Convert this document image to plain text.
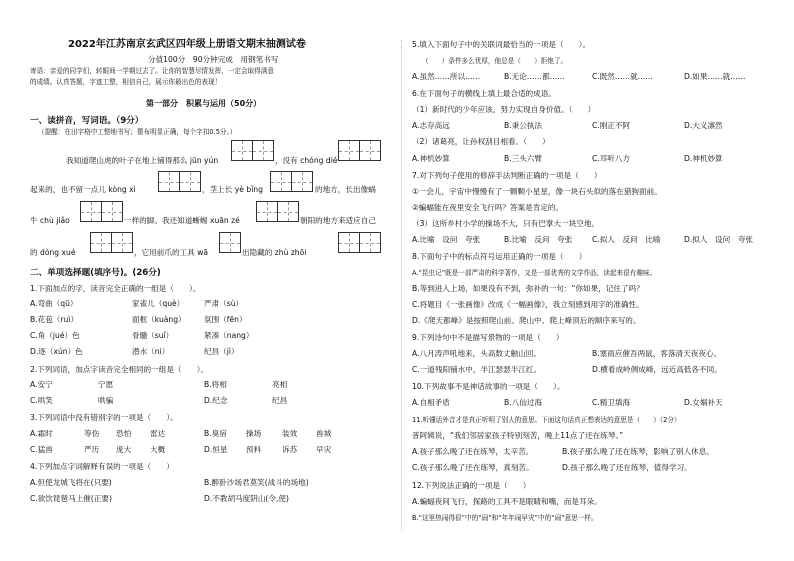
2022年江苏南京玄武区四年级上册语文期末抽测试卷
分值100分　90分钟完成　用钢笔书写
寄语：亲爱的同学们，转眼间一学期过去了。让你的智慧尽情发挥，一定会取得满意
的成绩。认真答题，字迹工整，相信自己，展示你最出色的表现！
第一部分　积累与运用（50分）
一、读拼音，写词语。（9分）
（提醒：在田字格中工整地书写；摆布明显正确，每个字扣0.5分。）
我知道爬山虎的叶子在地上铺得那么 jūn yún	，没有 chóng dié
起来的，也不留一点儿 kòng xì	，茎上长 yè bǐng	的地方，长出像蜗
牛 chù jiǎo	一样的脚。我还知道蜥蜴 xuān zé	朝阳的地方来适应自己
的 dòng xué	，它用前爪的工具 wā	出隐藏的 zhù zhōi
二、单项选择题(填序号)。(26分)
1.下面加点的字，读音完全正确的一组是（　　）。
A.弯曲（qū）	家雀儿（què）	严肃（sù）
B.花苞（ruì）	面框（kuàng） 氛围（fēn）
C.角（jué）色	骨髓（suǐ）	紧凑（nang）
D.逐（xún）色	潜水（ni）	纪昌（jì）
2.下列词语，加点字读音完全相同的一组是（　　）。
A.安宁	宁愿	B.将相	亮相
C.哄笑	哄骗	D.纪念	纪昌
3.下列词语中没有错别字的一项是（　　）。
A.霜时	等伤 恐怕 雷达	B.臭宿	操场	装效 兽城
C.猛兽	严历 庞大 大概	D.恒星 预料	诉苏 早灾
4.下列加点字词解释有误的一项是（　　）
A.但使龙城飞将在(只要)	B.醉卧沙场君莫笑(战斗的场地)
C.欲饮琵琶马上催(正要)	D.不教胡马度阴山(令,使)
5.填入下面句子中的关联词最恰当的一项是（　　）。
（　　）条件多么优厚，他总是（　　）拒绝了。
A.虽然……所以……	B.无论……都……	C.既然……就……	D.如果……就……
6.在下面句子的横线上填上最合适的成语。
（1）新时代的少年应该，努力实现自身价值。（　　）
A.志存高远	B.秉公执法	C.刚正不阿	D.大义凛然
（2）诸葛亮，让孙权刮目相看。（　　）
A.神机妙算	B.三头六臂	C.耳听八方	D.神机妙算
7.对下列句子使用的修辞手法判断正确的一项是（　　）
①一会儿，宇宙中慢慢有了一颗颗小星星，像一块石头似的落在猎狗面前。
②蝙蝠能在夜里安全飞行吗？答案是肯定的。
（3）这所乡村小学的操场不大，只有巴掌大一块空地。
A.比喻　设问　夸张	B.比喻　反问　夸张	C.拟人　反问　比喻	D.拟人　设问　夸张
8.下面句子中的标点符号运用正确的一项是（　　）
A.“昆虫记”既是一部严肃的科学著作，又是一部优秀的文学作品，读起来很有趣味。
B.等到进入上场，如果没有不到，弥补的一句：“你如果，记住了吗？
C.将题目《一张画像》改成《一幅画像》，我立刻感到用字的准确性。
D.《爬天都峰》是按照爬山前、爬山中、爬上峰顶后的顺序来写的。
9.下列诗句中不是描写景物的一项是（　　）
A.八月涛声吼地来，头高数丈触山回。	B.塞雨应催吾两鼠，客落清天夜夜心。
C.一道残阳铺水中，半江瑟瑟半江红。	D.横看成岭侧成峰，远近高低各不同。
10.下列故事不是神话故事的一项是（　　）。
A.自相矛盾	B.八仙过海	C.精卫填海	D.女娲补天
11.听懂话外音才是真正听明了别人的意思。下面这句话真正想表达的意思是（　　）（2分）
普阿姨说，“我们邻居家孩子特别刻苦，晚上11点了还在练琴。”
A.孩子那么晚了还在练琴，太辛苦。	B.孩子那么晚了还在练琴，影响了别人休息。
C.孩子那么晚了还在练琴，真刻苦。	D.孩子那么晚了还在练琴，值得学习。
12.下列说法正确的一项是（　　）
A.蝙蝠夜间飞行，探路的工具不是眼睛和嘴，而是耳朵。
B.“这里热闹得很”中的“闹”和“年年闹早灾”中的“闹”意思一样。
